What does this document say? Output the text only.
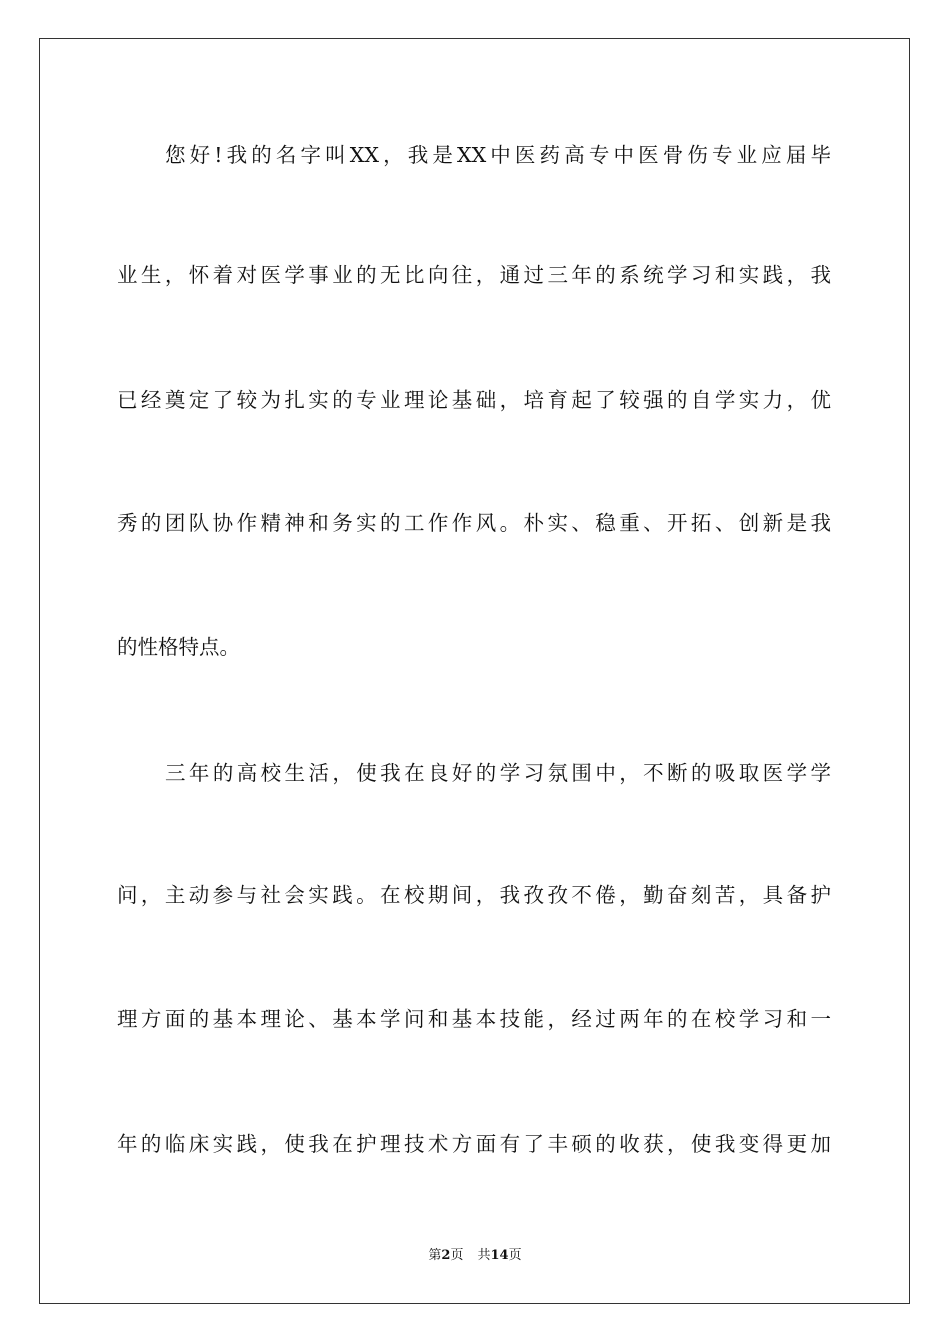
您好!我的名字叫XX，我是XX中医药高专中医骨伤专业应届毕
业生，怀着对医学事业的无比向往，通过三年的系统学习和实践，我
已经奠定了较为扎实的专业理论基础，培育起了较强的自学实力，优
秀的团队协作精神和务实的工作作风。朴实、稳重、开拓、创新是我
的性格特点。
三年的高校生活，使我在良好的学习氛围中，不断的吸取医学学
问，主动参与社会实践。在校期间，我孜孜不倦，勤奋刻苦，具备护
理方面的基本理论、基本学问和基本技能，经过两年的在校学习和一
年的临床实践，使我在护理技术方面有了丰硕的收获，使我变得更加
第2页 共14页
